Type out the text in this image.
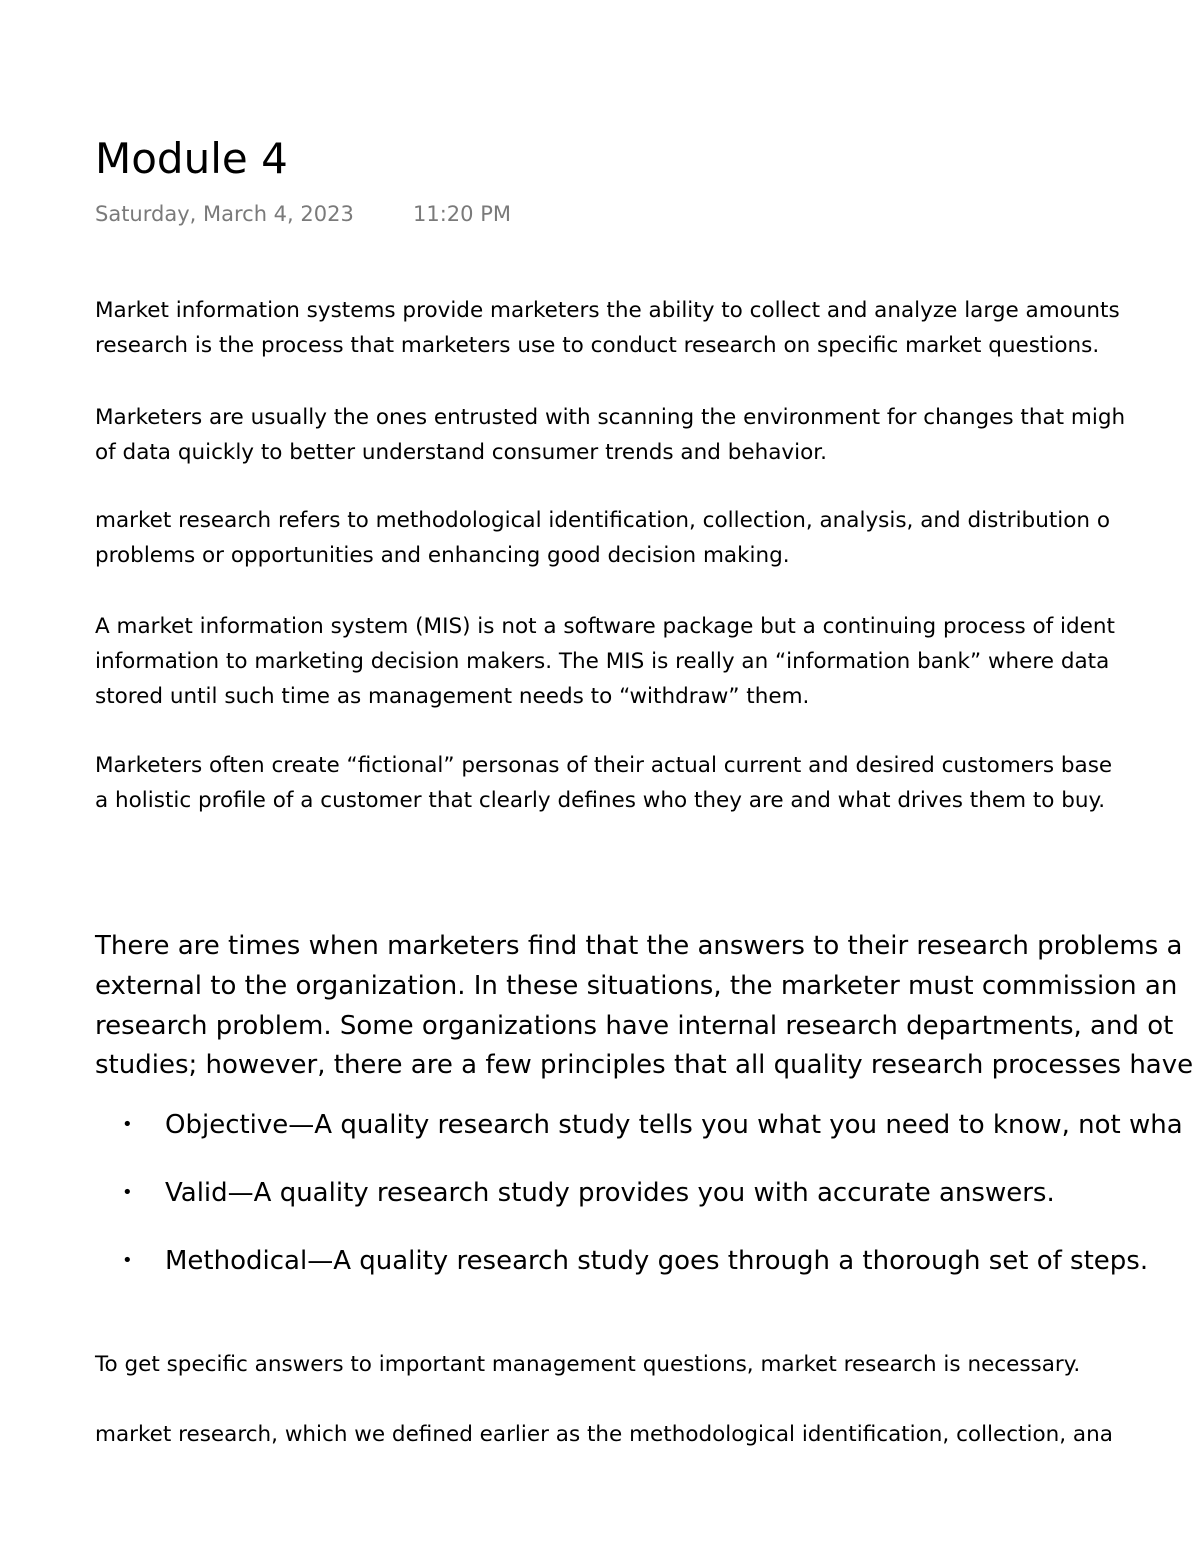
Module 4
Saturday, March 4, 2023	11:20 PM
Market information systems provide marketers the ability to collect and analyze large amounts
research is the process that marketers use to conduct research on specific market questions.
Marketers are usually the ones entrusted with scanning the environment for changes that migh
of data quickly to better understand consumer trends and behavior.
market research refers to methodological identification, collection, analysis, and distribution o
problems or opportunities and enhancing good decision making.
A market information system (MIS) is not a software package but a continuing process of ident
information to marketing decision makers. The MIS is really an “information bank” where data
stored until such time as management needs to “withdraw” them.
Marketers often create “fictional” personas of their actual current and desired customers base
a holistic profile of a customer that clearly defines who they are and what drives them to buy.
There are times when marketers find that the answers to their research problems a
external to the organization. In these situations, the marketer must commission an
research problem. Some organizations have internal research departments, and ot
studies; however, there are a few principles that all quality research processes have
• Objective—A quality research study tells you what you need to know, not wha
• Valid—A quality research study provides you with accurate answers.
• Methodical—A quality research study goes through a thorough set of steps.
To get specific answers to important management questions, market research is necessary.
market research, which we defined earlier as the methodological identification, collection, ana
